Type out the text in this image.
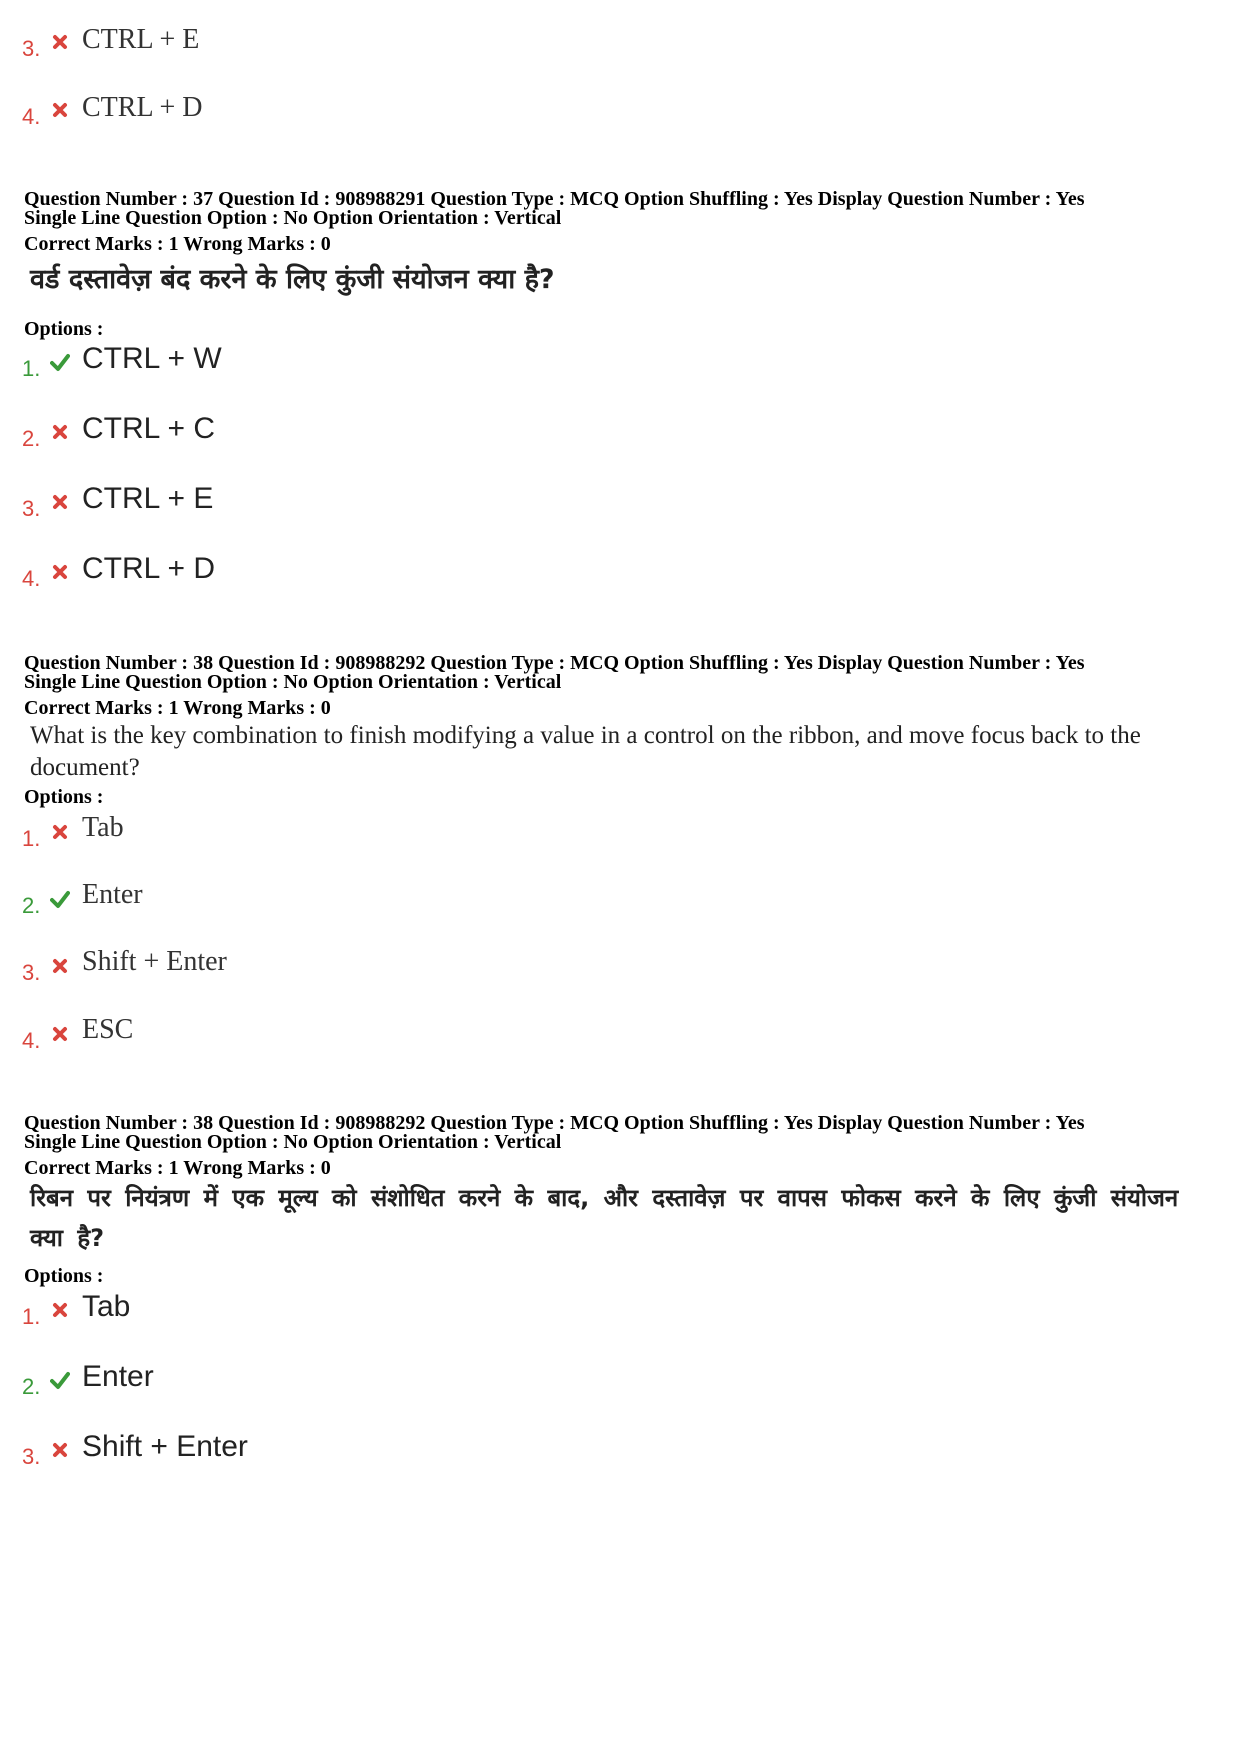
3. CTRL + E
4. CTRL + D
Question Number : 37 Question Id : 908988291 Question Type : MCQ Option Shuffling : Yes Display Question Number : Yes
Single Line Question Option : No Option Orientation : Vertical
Correct Marks : 1 Wrong Marks : 0
वर्ड दस्तावेज़ बंद करने के लिए कुंजी संयोजन क्या है?
Options :
1. CTRL + W
2. CTRL + C
3. CTRL + E
4. CTRL + D
Question Number : 38 Question Id : 908988292 Question Type : MCQ Option Shuffling : Yes Display Question Number : Yes
Single Line Question Option : No Option Orientation : Vertical
Correct Marks : 1 Wrong Marks : 0
What is the key combination to finish modifying a value in a control on the ribbon, and move focus back to the document?
Options :
1. Tab
2. Enter
3. Shift + Enter
4. ESC
Question Number : 38 Question Id : 908988292 Question Type : MCQ Option Shuffling : Yes Display Question Number : Yes
Single Line Question Option : No Option Orientation : Vertical
Correct Marks : 1 Wrong Marks : 0
रिबन पर नियंत्रण में एक मूल्य को संशोधित करने के बाद, और दस्तावेज़ पर वापस फोकस करने के लिए कुंजी संयोजन क्या है?
Options :
1. Tab
2. Enter
3. Shift + Enter
